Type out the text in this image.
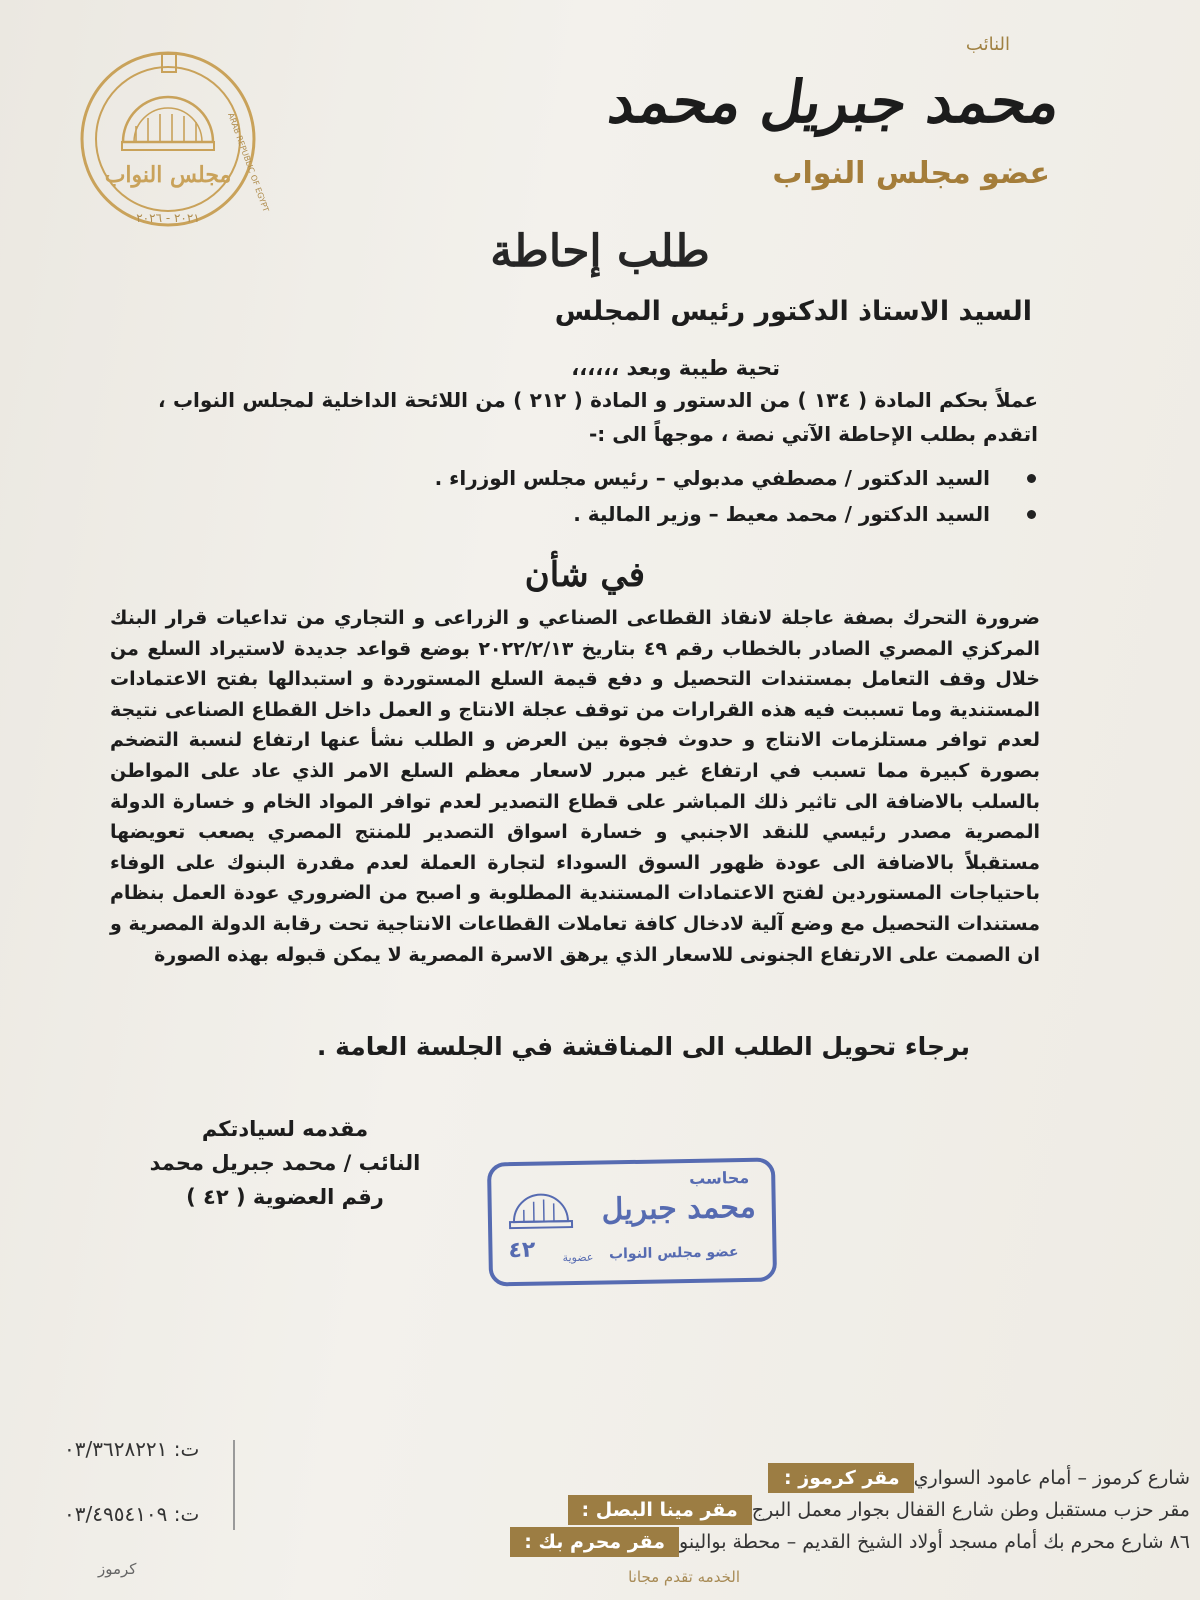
مجلس النواب
٢٠٢١ - ٢٠٢٦
ARAB REPUBLIC OF EGYPT
النائب
محمد جبريل محمد
عضو مجلس النواب
طلب إحاطة
السيد الاستاذ الدكتور رئيس المجلس
تحية طيبة وبعد ،،،،،،
عملاً بحكم المادة ( ١٣٤ ) من الدستور و المادة ( ٢١٢ ) من اللائحة الداخلية لمجلس النواب ، اتقدم بطلب الإحاطة الآتي نصة ، موجهاً الى :-
السيد الدكتور / مصطفي مدبولي – رئيس مجلس الوزراء .
السيد الدكتور / محمد معيط – وزير المالية .
في شأن
ضرورة التحرك بصفة عاجلة لانقاذ القطاعى الصناعي و الزراعى و التجاري من تداعيات قرار البنك المركزي المصري الصادر بالخطاب رقم ٤٩ بتاريخ ٢٠٢٢/٢/١٣ بوضع قواعد جديدة لاستيراد السلع من خلال وقف التعامل بمستندات التحصيل و دفع قيمة السلع المستوردة و استبدالها بفتح الاعتمادات المستندية وما تسببت فيه هذه القرارات من توقف عجلة الانتاج و العمل داخل القطاع الصناعى نتيجة لعدم توافر مستلزمات الانتاج و حدوث فجوة بين العرض و الطلب نشأ عنها ارتفاع لنسبة التضخم بصورة كبيرة مما تسبب في ارتفاع غير مبرر لاسعار معظم السلع الامر الذي عاد على المواطن بالسلب بالاضافة الى تاثير ذلك المباشر على قطاع التصدير لعدم توافر المواد الخام و خسارة الدولة المصرية مصدر رئيسي للنقد الاجنبي و خسارة اسواق التصدير للمنتج المصري يصعب تعويضها مستقبلاً بالاضافة الى عودة ظهور السوق السوداء لتجارة العملة لعدم مقدرة البنوك على الوفاء باحتياجات المستوردين لفتح الاعتمادات المستندية المطلوبة و اصبح من الضروري عودة العمل بنظام مستندات التحصيل مع وضع آلية لادخال كافة تعاملات القطاعات الانتاجية تحت رقابة الدولة المصرية و ان الصمت على الارتفاع الجنونى للاسعار الذي يرهق الاسرة المصرية لا يمكن قبوله بهذه الصورة
برجاء تحويل الطلب الى المناقشة في الجلسة العامة .
مقدمه لسيادتكم
النائب / محمد جبريل محمد
رقم العضوية ( ٤٢ )
محاسب
محمد جبريل
عضو مجلس النواب
٤٢ عضوية
ت: ٠٣/٣٦٢٨٢٢١
ت: ٠٣/٤٩٥٤١٠٩
مقر كرموز : شارع كرموز – أمام عامود السواري
مقر مينا البصل : مقر حزب مستقبل وطن شارع القفال بجوار معمل البرج
مقر محرم بك : ٨٦ شارع محرم بك أمام مسجد أولاد الشيخ القديم – محطة بوالينو
الخدمه تقدم مجانا
كرموز
